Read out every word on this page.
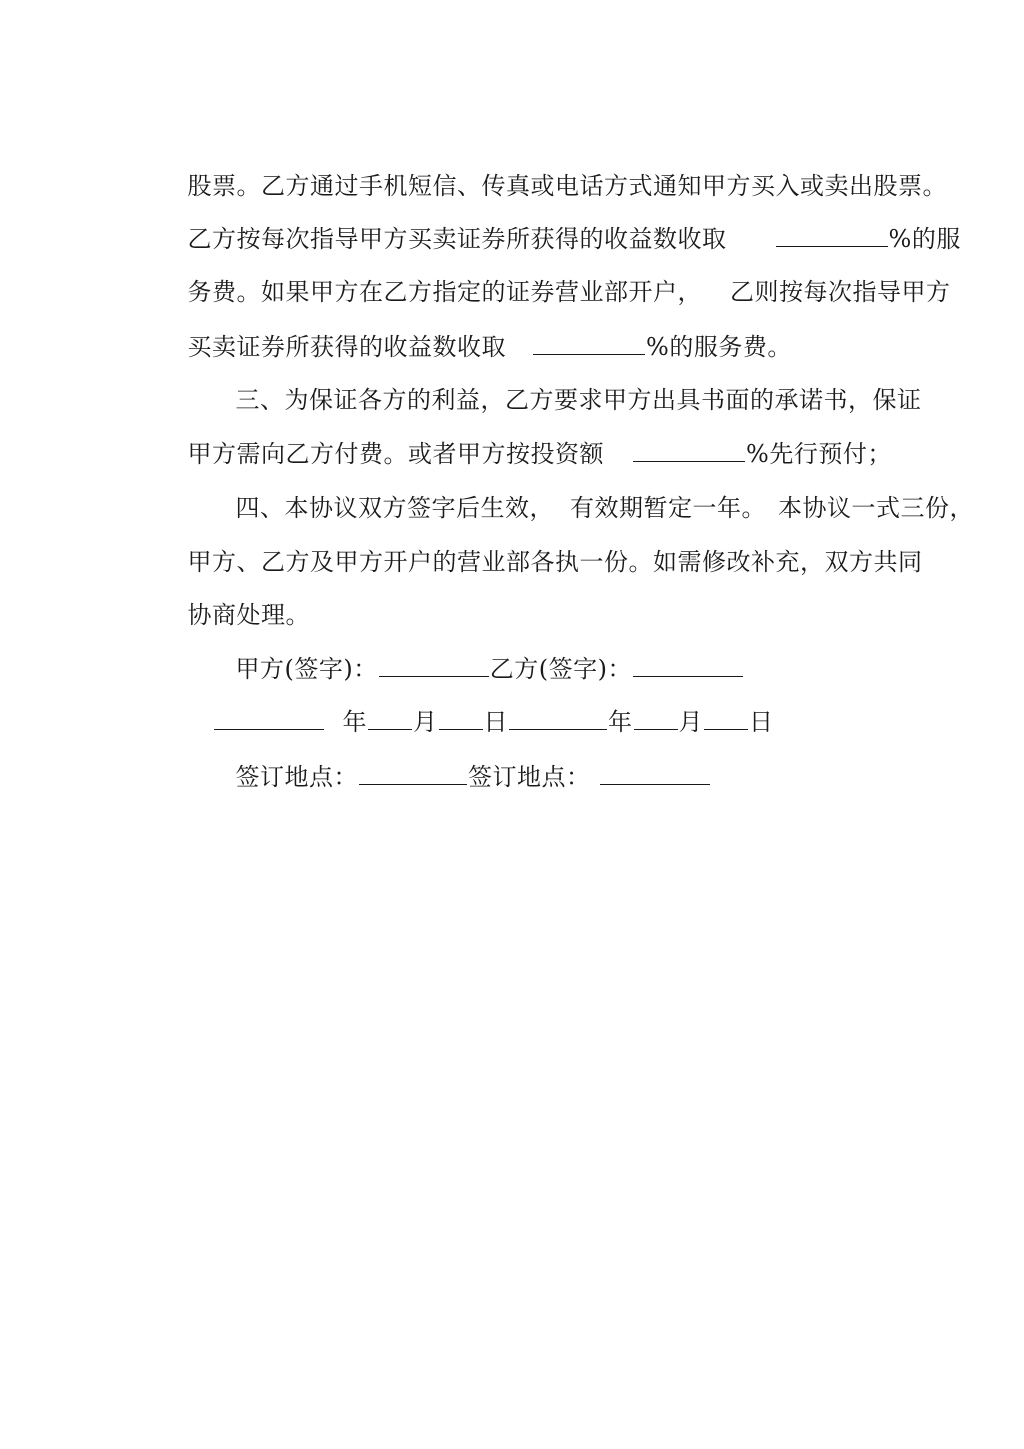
股票。乙方通过手机短信、传真或电话方式通知甲方买入或卖出股票。

乙方按每次指导甲方买卖证券所获得的收益数收取	%的服

务费。如果甲方在乙方指定的证券营业部开户， 乙则按每次指导甲方

买卖证券所获得的收益数收取	%的服务费。

三、为保证各方的利益，乙方要求甲方出具书面的承诺书，保证

甲方需向乙方付费。或者甲方按投资额	%先行预付；

四、本协议双方签字后生效， 有效期暂定一年。 本协议一式三份，

甲方、乙方及甲方开户的营业部各执一份。如需修改补充，双方共同

协商处理。

甲方(签字)：	乙方(签字)：

年 月 日	年 月 日

签订地点：	签订地点：
